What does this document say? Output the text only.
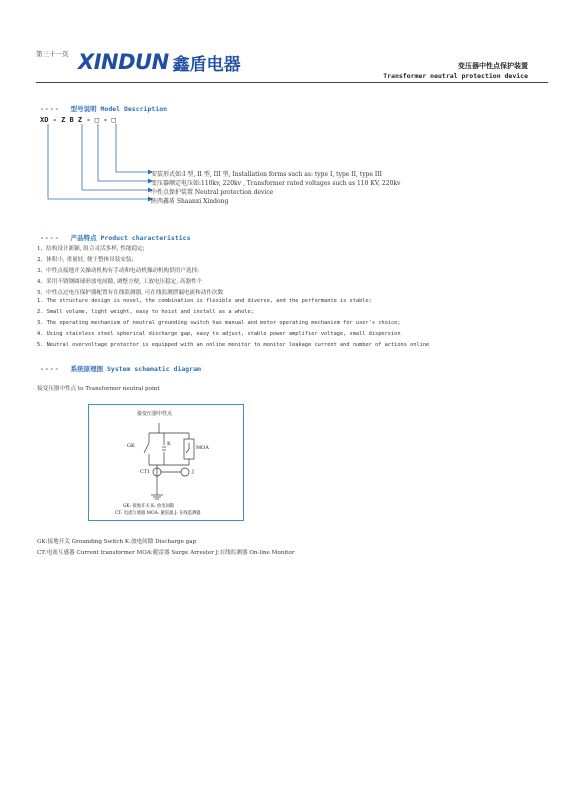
第三十一页 XINDUN 鑫盾电器	变压器中性点保护装置
Transformer neutral protection device
---- 型号说明 Model Description
XD - Z B Z - □ - □
安装形式如:I 型, II 型, III 型, Installation forms such as: type I, type II, type III
变压器额定电压如:110kv, 220kv , Transformer rated voltages such as 110 KV, 220kv
中性点保护装置 Neutral protection device
陕西鑫盾 Shaanxi Xindong
---- 产品特点 Product characteristics
1、结构设计新颖, 组合灵活多样, 性能稳定;
2、体积小, 重量轻, 便于整体吊装安装;
3、中性点接地开关操动机构有手动和电动机操动机构供用户选择;
4、采用不锈钢圆球形放电间隙, 调整方便, 工放电压稳定, 高器性个
5、中性点过电压保护器配置有在线监测器, 可在线监测泄漏电流和动作次数
1. The structure design is novel, the combination is flexible and diverse, and the performance is stable;
2. Small volume, light weight, easy to hoist and install as a whole;
3. The operating mechanism of neutral grounding switch has manual and motor operating mechanism for user's choice;
4. Using stainless steel spherical discharge gap, easy to adjust, stable power amplifier voltage, small dispersion
5. Neutral overvoltage protector is equipped with an online monitor to monitor leakage current and number of actions online
---- 系统原理图 System schematic diagram
接变压器中性点 to Transformer neutral point
接变压器中性点
GK	K
MOA
CT1	J
GK: 接地开关 K: 放电间隙
CT: 电流互感器 MOA: 避雷器 J: 在线监测器
GK:接地开关 Grounding Switch K:放电间隙 Discharge gap
CT:电流互感器 Current transformer MOA:避雷器 Surge Arrester J:在线监测器 On-line Monitor
